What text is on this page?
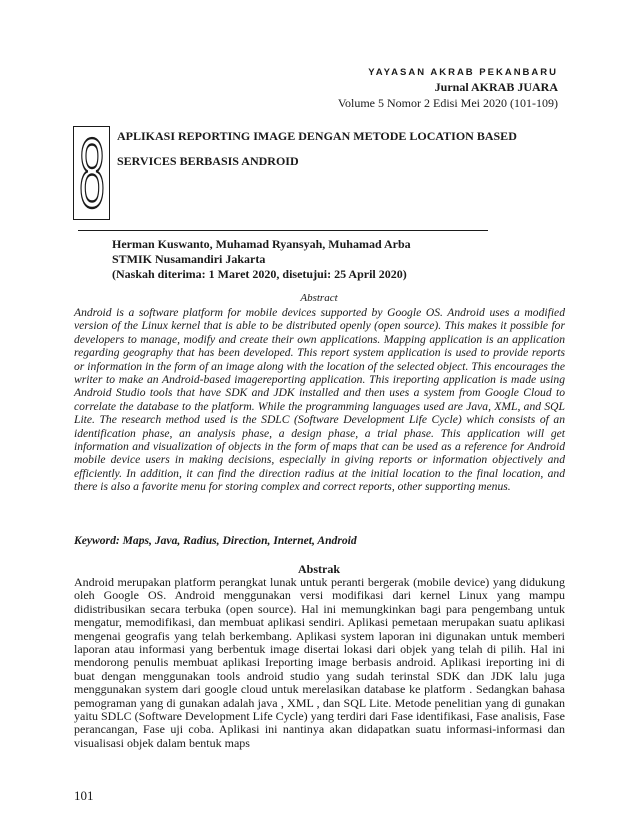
YAYASAN AKRAB PEKANBARU
Jurnal AKRAB JUARA
Volume 5 Nomor 2 Edisi Mei 2020 (101-109)
8 APLIKASI REPORTING IMAGE DENGAN METODE LOCATION BASED
SERVICES BERBASIS ANDROID
Herman Kuswanto, Muhamad Ryansyah, Muhamad Arba
STMIK Nusamandiri Jakarta
(Naskah diterima: 1 Maret 2020, disetujui: 25 April 2020)
Abstract
Android is a software platform for mobile devices supported by Google OS. Android uses a modified version of the Linux kernel that is able to be distributed openly (open source). This makes it possible for developers to manage, modify and create their own applications. Mapping application is an application regarding geography that has been developed. This report system application is used to provide reports or information in the form of an image along with the location of the selected object. This encourages the writer to make an Android-based imagereporting application. This ireporting application is made using Android Studio tools that have SDK and JDK installed and then uses a system from Google Cloud to correlate the database to the platform. While the programming languages used are Java, XML, and SQL Lite. The research method used is the SDLC (Software Development Life Cycle) which consists of an identification phase, an analysis phase, a design phase, a trial phase. This application will get information and visualization of objects in the form of maps that can be used as a reference for Android mobile device users in making decisions, especially in giving reports or information objectively and efficiently. In addition, it can find the direction radius at the initial location to the final location, and there is also a favorite menu for storing complex and correct reports, other supporting menus.
Keyword: Maps, Java, Radius, Direction, Internet, Android
Abstrak
Android merupakan platform perangkat lunak untuk peranti bergerak (mobile device) yang didukung oleh Google OS. Android menggunakan versi modifikasi dari kernel Linux yang mampu didistribusikan secara terbuka (open source). Hal ini memungkinkan bagi para pengembang untuk mengatur, memodifikasi, dan membuat aplikasi sendiri. Aplikasi pemetaan merupakan suatu aplikasi mengenai geografis yang telah berkembang. Aplikasi system laporan ini digunakan untuk memberi laporan atau informasi yang berbentuk image disertai lokasi dari objek yang telah di pilih. Hal ini mendorong penulis membuat aplikasi Ireporting image berbasis android. Aplikasi ireporting ini di buat dengan menggunakan tools android studio yang sudah terinstal SDK dan JDK lalu juga menggunakan system dari google cloud untuk merelasikan database ke platform . Sedangkan bahasa pemograman yang di gunakan adalah java , XML , dan SQL Lite. Metode penelitian yang di gunakan yaitu SDLC (Software Development Life Cycle) yang terdiri dari Fase identifikasi, Fase analisis, Fase perancangan, Fase uji coba. Aplikasi ini nantinya akan didapatkan suatu informasi-informasi dan visualisasi objek dalam bentuk maps
101
